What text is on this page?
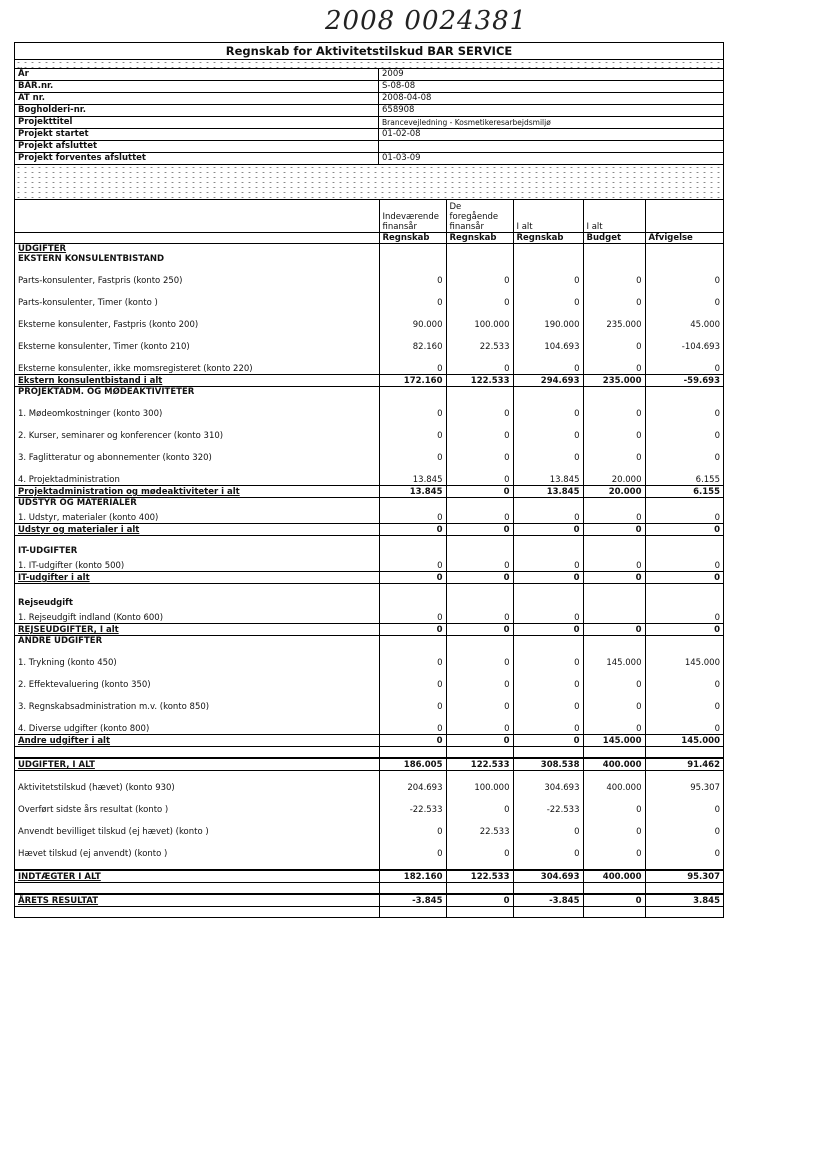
2008 0024381
Regnskab for Aktivitetstilskud BAR SERVICE
År	2009
BAR.nr.	S-08-08
AT nr.	2008-04-08
Bogholderi-nr.	658908
Projekttitel	Brancevejledning - Kosmetikeresarbejdsmiljø
Projekt startet	01-02-08
Projekt afsluttet
Projekt forventes afsluttet	01-03-09
	Indeværende finansår	De foregående finansår	I alt	I alt	
	Regnskab	Regnskab	Regnskab	Budget	Afvigelse
UDGIFTER					
EKSTERN KONSULENTBISTAND					
Parts-konsulenter, Fastpris (konto 250)	0	0	0	0	0
Parts-konsulenter, Timer (konto )	0	0	0	0	0
Eksterne konsulenter, Fastpris (konto 200)	90.000	100.000	190.000	235.000	45.000
Eksterne konsulenter, Timer (konto 210)	82.160	22.533	104.693	0	-104.693
Eksterne konsulenter, ikke momsregisteret (konto 220)	0	0	0	0	0
Ekstern konsulentbistand i alt	172.160	122.533	294.693	235.000	-59.693
PROJEKTADM. OG MØDEAKTIVITETER					
1. Mødeomkostninger (konto 300)	0	0	0	0	0
2. Kurser, seminarer og konferencer (konto 310)	0	0	0	0	0
3. Faglitteratur og abonnementer (konto 320)	0	0	0	0	0
4. Projektadministration	13.845	0	13.845	20.000	6.155
Projektadministration og mødeaktiviteter i alt	13.845	0	13.845	20.000	6.155
UDSTYR OG MATERIALER					
1. Udstyr, materialer (konto 400)	0	0	0	0	0
Udstyr og materialer i alt	0	0	0	0	0

IT-UDGIFTER					
1. IT-udgifter (konto 500)	0	0	0	0	0
IT-udgifter i alt	0	0	0	0	0

Rejseudgift					
1. Rejseudgift indland (Konto 600)	0	0	0		0
REJSEUDGIFTER, I alt	0	0	0	0	0
ANDRE UDGIFTER					
1. Trykning (konto 450)	0	0	0	145.000	145.000
2. Effektevaluering (konto 350)	0	0	0	0	0
3. Regnskabsadministration m.v. (konto 850)	0	0	0	0	0
4. Diverse udgifter (konto 800)	0	0	0	0	0
Andre udgifter i alt	0	0	0	145.000	145.000

UDGIFTER, I ALT	186.005	122.533	308.538	400.000	91.462
Aktivitetstilskud (hævet) (konto 930)	204.693	100.000	304.693	400.000	95.307
Overført sidste års resultat (konto )	-22.533	0	-22.533	0	0
Anvendt bevilliget tilskud (ej hævet) (konto )	0	22.533	0	0	0
Hævet tilskud (ej anvendt) (konto )	0	0	0	0	0

INDTÆGTER I ALT	182.160	122.533	304.693	400.000	95.307

ÅRETS RESULTAT	-3.845	0	-3.845	0	3.845
